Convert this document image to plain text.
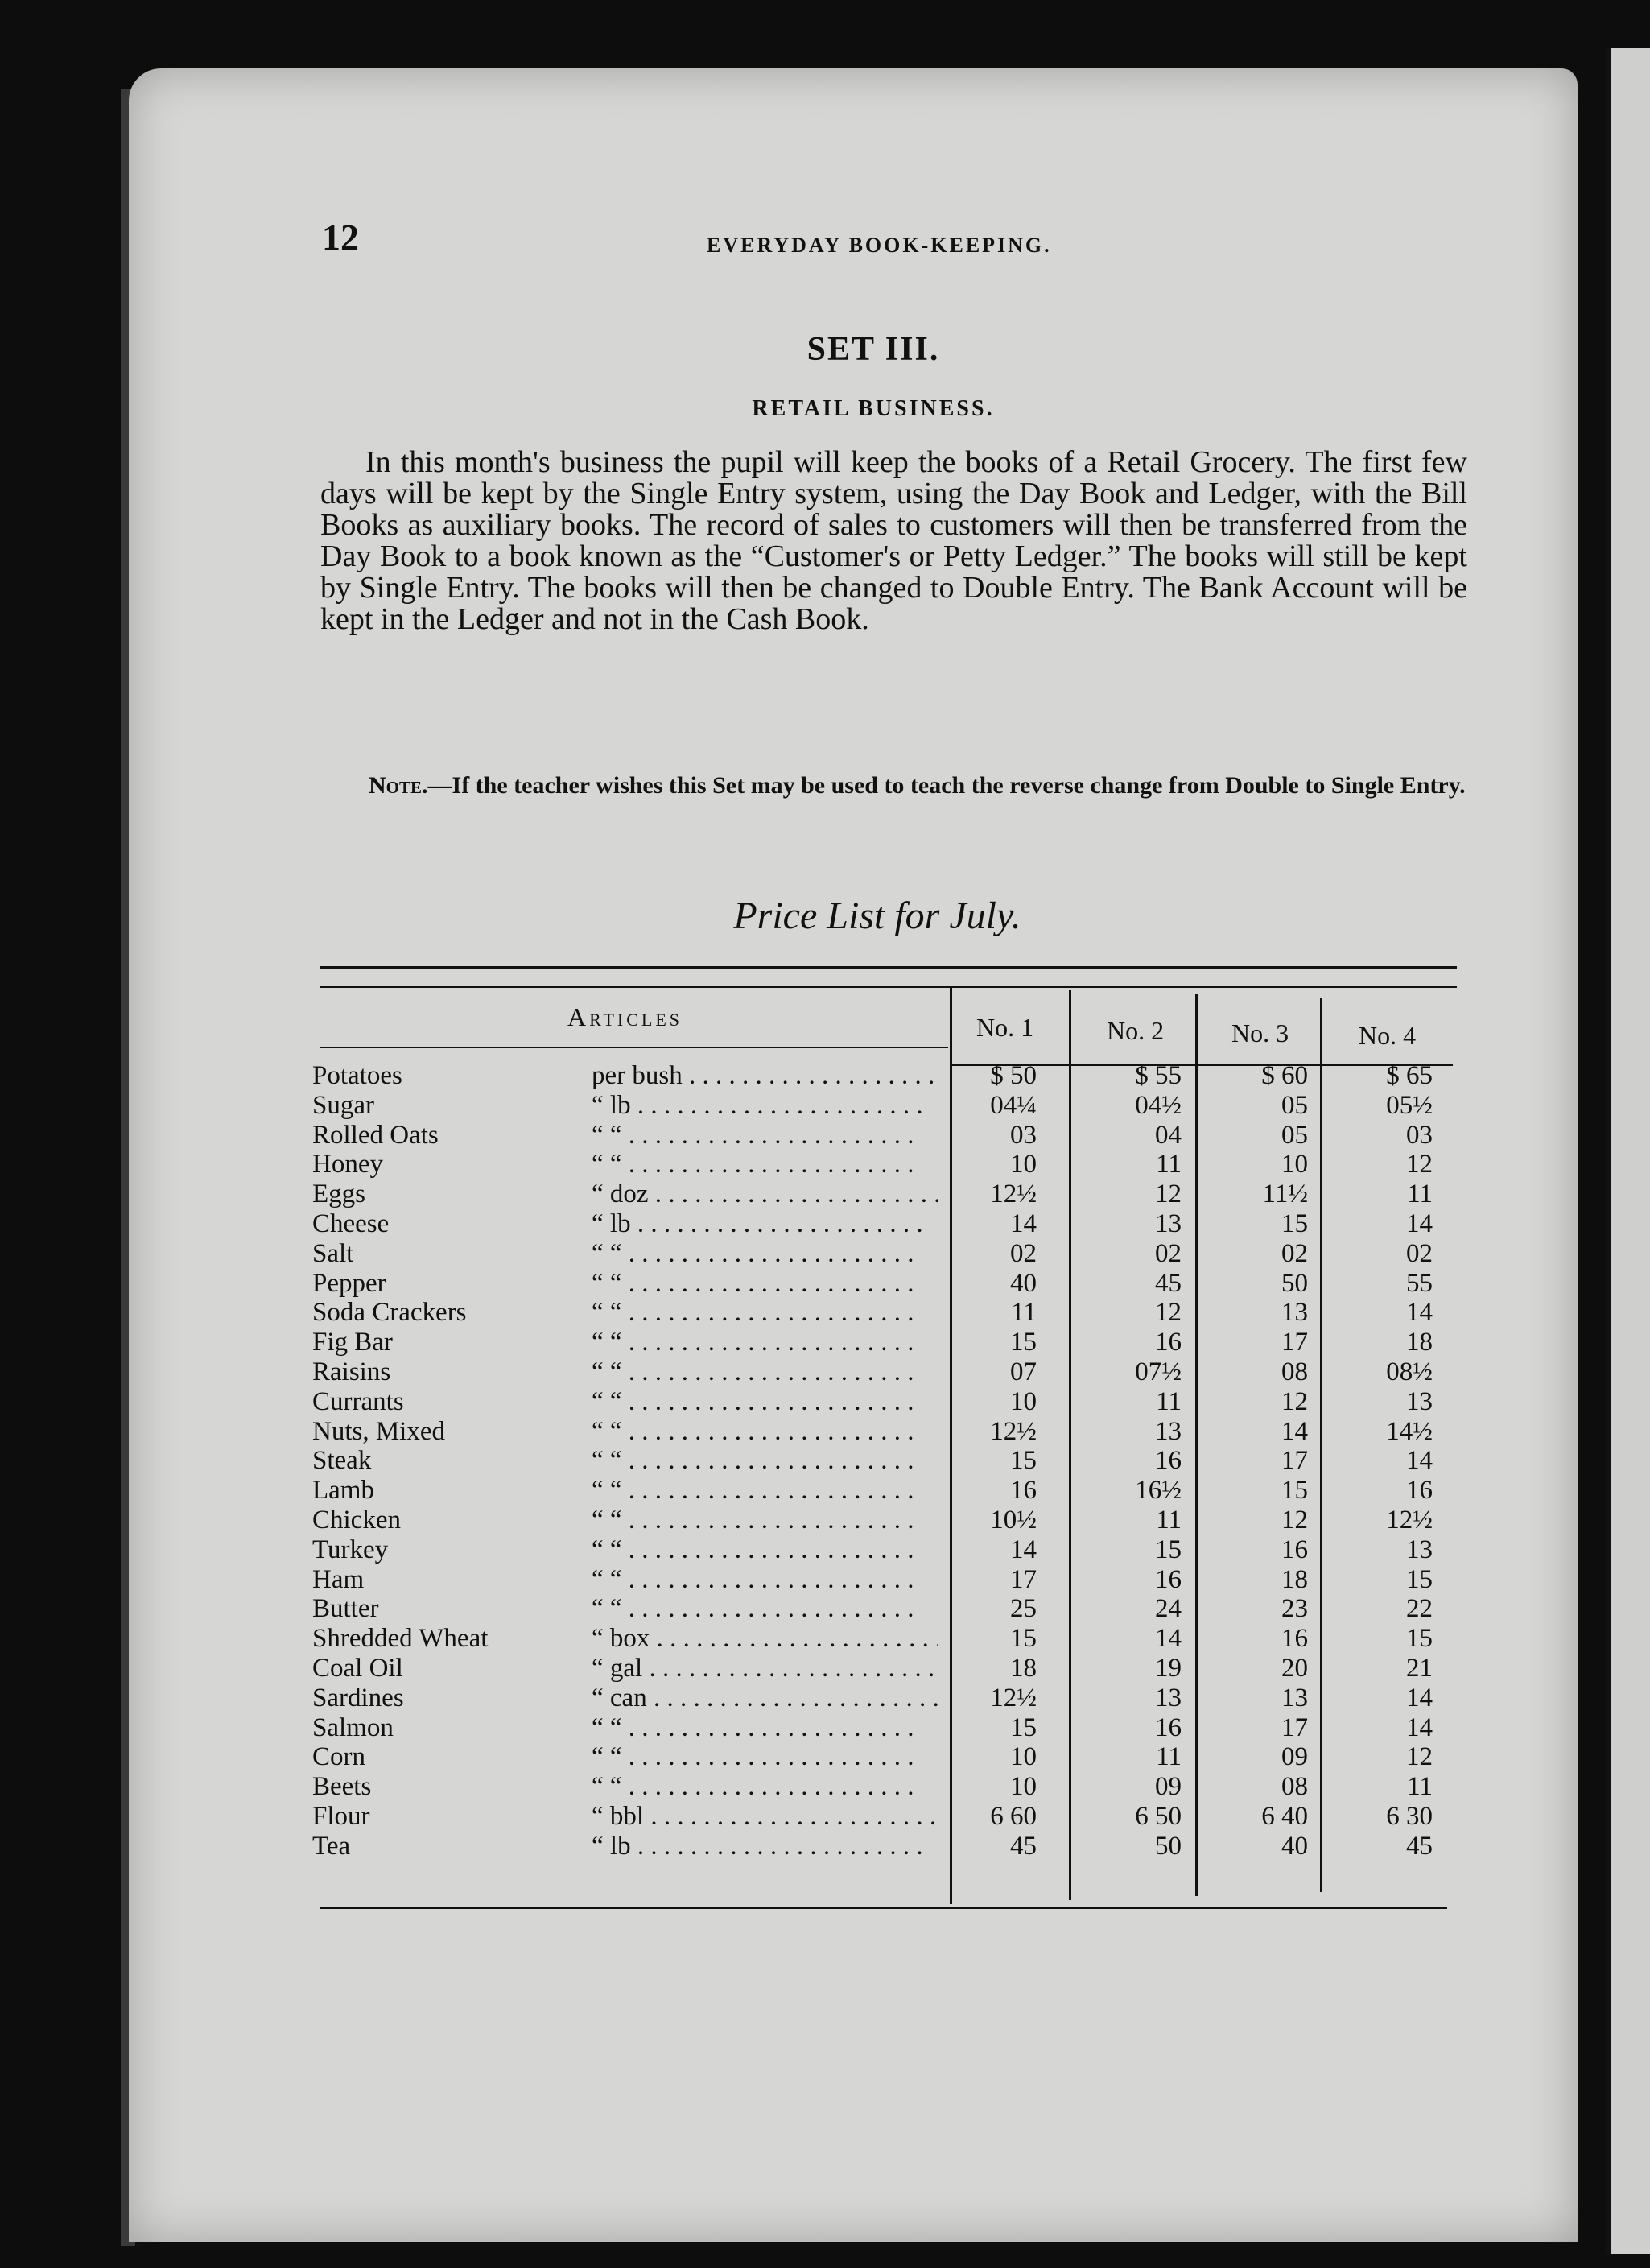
12	EVERYDAY BOOK-KEEPING.
SET III.
RETAIL BUSINESS.
In this month's business the pupil will keep the books of a Retail Grocery. The first few days will be kept by the Single Entry system, using the Day Book and Ledger, with the Bill Books as auxiliary books. The record of sales to customers will then be transferred from the Day Book to a book known as the “Customer's or Petty Ledger.” The books will still be kept by Single Entry. The books will then be changed to Double Entry. The Bank Account will be kept in the Ledger and not in the Cash Book.
Note.—If the teacher wishes this Set may be used to teach the reverse change from Double to Single Entry.
Price List for July.
Articles	No. 1	No. 2	No. 3	No. 4
Potatoes	per bush . . .	$ 50	$ 55	$ 60	$ 65
Sugar	“ lb . . .	04¼	04½	05	05½
Rolled Oats	“ “ . . .	03	04	05	03
Honey	“ “ . . .	10	11	10	12
Eggs	“ doz . . .	12½	12	11½	11
Cheese	“ lb . . .	14	13	15	14
Salt	“ “ . . .	02	02	02	02
Pepper	“ “ . . .	40	45	50	55
Soda Crackers	“ “ . . .	11	12	13	14
Fig Bar	“ “ . . .	15	16	17	18
Raisins	“ “ . . .	07	07½	08	08½
Currants	“ “ . . .	10	11	12	13
Nuts, Mixed	“ “ . . .	12½	13	14	14½
Steak	“ “ . . .	15	16	17	14
Lamb	“ “ . . .	16	16½	15	16
Chicken	“ “ . . .	10½	11	12	12½
Turkey	“ “ . . .	14	15	16	13
Ham	“ “ . . .	17	16	18	15
Butter	“ “ . . .	25	24	23	22
Shredded Wheat	“ box . . .	15	14	16	15
Coal Oil	“ gal . . .	18	19	20	21
Sardines	“ can . . .	12½	13	13	14
Salmon	“ “ . . .	15	16	17	14
Corn	“ “ . . .	10	11	09	12
Beets	“ “ . . .	10	09	08	11
Flour	“ bbl . . .	6 60	6 50	6 40	6 30
Tea	“ lb . . .	45	50	40	45
